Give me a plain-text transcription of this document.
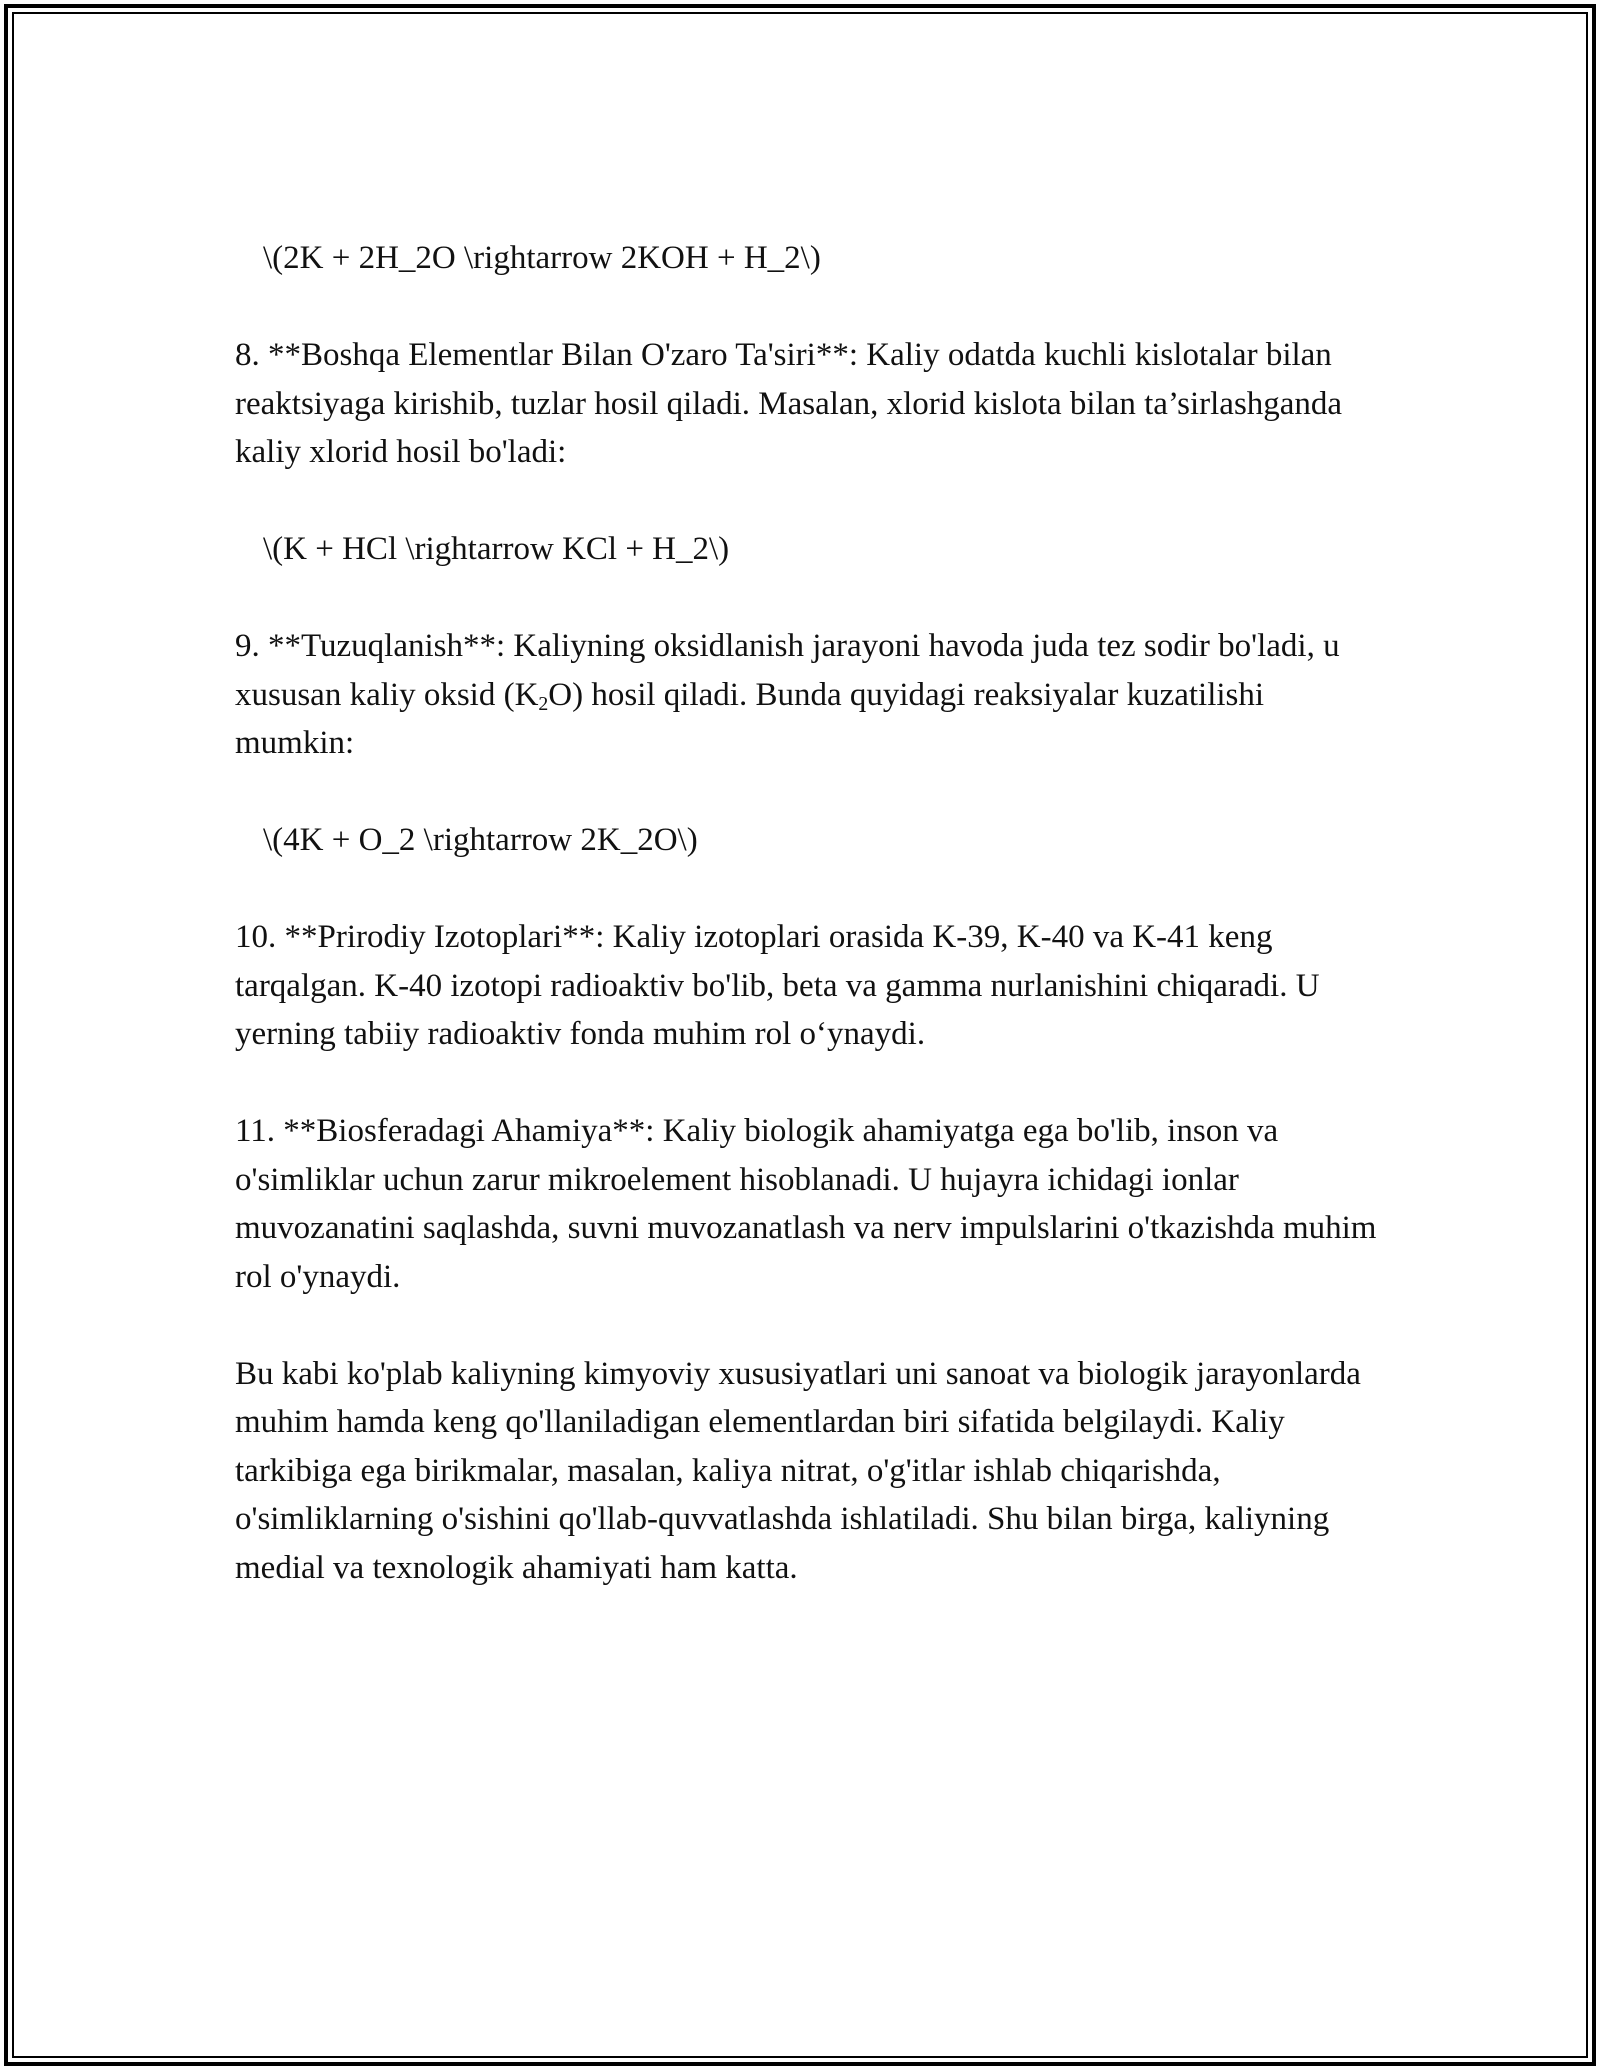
\(2K + 2H_2O \rightarrow 2KOH + H_2\)
8. **Boshqa Elementlar Bilan O'zaro Ta'siri**: Kaliy odatda kuchli kislotalar bilan reaktsiyaga kirishib, tuzlar hosil qiladi. Masalan, xlorid kislota bilan ta’sirlashganda kaliy xlorid hosil bo'ladi:
\(K + HCl \rightarrow KCl + H_2\)
9. **Tuzuqlanish**: Kaliyning oksidlanish jarayoni havoda juda tez sodir bo'ladi, u xususan kaliy oksid $(K_2O)$ hosil qiladi. Bunda quyidagi reaksiyalar kuzatilishi mumkin:
\(4K + O_2 \rightarrow 2K_2O\)
10. **Prirodiy Izotoplari**: Kaliy izotoplari orasida K-39, K-40 va K-41 keng tarqalgan. K-40 izotopi radioaktiv bo'lib, beta va gamma nurlanishini chiqaradi. U yerning tabiiy radioaktiv fonda muhim rol o‘ynaydi.
11. **Biosferadagi Ahamiya**: Kaliy biologik ahamiyatga ega bo'lib, inson va o'simliklar uchun zarur mikroelement hisoblanadi. U hujayra ichidagi ionlar muvozanatini saqlashda, suvni muvozanatlash va nerv impulslarini o'tkazishda muhim rol o'ynaydi.
Bu kabi ko'plab kaliyning kimyoviy xususiyatlari uni sanoat va biologik jarayonlarda muhim hamda keng qo'llaniladigan elementlardan biri sifatida belgilaydi. Kaliy tarkibiga ega birikmalar, masalan, kaliya nitrat, o'g'itlar ishlab chiqarishda, o'simliklarning o'sishini qo'llab-quvvatlashda ishlatiladi. Shu bilan birga, kaliyning medial va texnologik ahamiyati ham katta.
